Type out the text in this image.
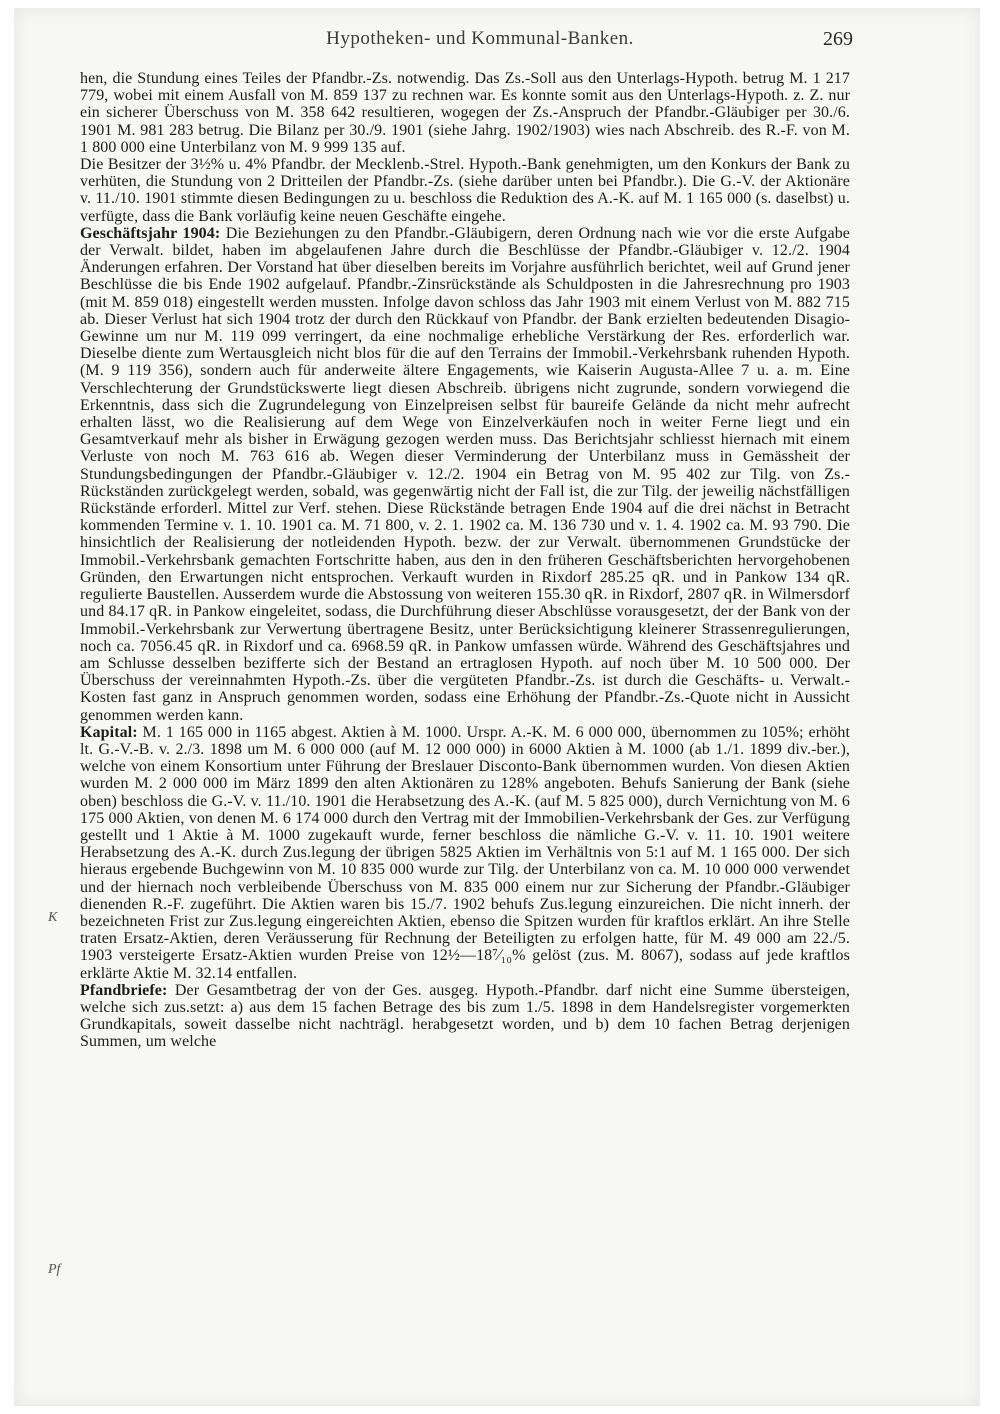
Hypotheken- und Kommunal-Banken.	269
K
Pf

hen, die Stundung eines Teiles der Pfandbr.-Zs. notwendig. Das Zs.-Soll aus den Unterlags-Hypoth. betrug M. 1 217 779, wobei mit einem Ausfall von M. 859 137 zu rechnen war. Es konnte somit aus den Unterlags-Hypoth. z. Z. nur ein sicherer Überschuss von M. 358 642 resultieren, wogegen der Zs.-Anspruch der Pfandbr.-Gläubiger per 30./6. 1901 M. 981 283 betrug. Die Bilanz per 30./9. 1901 (siehe Jahrg. 1902/1903) wies nach Abschreib. des R.-F. von M. 1 800 000 eine Unterbilanz von M. 9 999 135 auf.

Die Besitzer der 3½% u. 4% Pfandbr. der Mecklenb.-Strel. Hypoth.-Bank genehmigten, um den Konkurs der Bank zu verhüten, die Stundung von 2 Dritteilen der Pfandbr.-Zs. (siehe darüber unten bei Pfandbr.). Die G.-V. der Aktionäre v. 11./10. 1901 stimmte diesen Bedingungen zu u. beschloss die Reduktion des A.-K. auf M. 1 165 000 (s. daselbst) u. verfügte, dass die Bank vorläufig keine neuen Geschäfte eingehe.

Geschäftsjahr 1904: Die Beziehungen zu den Pfandbr.-Gläubigern, deren Ordnung nach wie vor die erste Aufgabe der Verwalt. bildet, haben im abgelaufenen Jahre durch die Beschlüsse der Pfandbr.-Gläubiger v. 12./2. 1904 Änderungen erfahren. Der Vorstand hat über dieselben bereits im Vorjahre ausführlich berichtet, weil auf Grund jener Beschlüsse die bis Ende 1902 aufgelauf. Pfandbr.-Zinsrückstände als Schuldposten in die Jahresrechnung pro 1903 (mit M. 859 018) eingestellt werden mussten. Infolge davon schloss das Jahr 1903 mit einem Verlust von M. 882 715 ab. Dieser Verlust hat sich 1904 trotz der durch den Rückkauf von Pfandbr. der Bank erzielten bedeutenden Disagio-Gewinne um nur M. 119 099 verringert, da eine nochmalige erhebliche Verstärkung der Res. erforderlich war. Dieselbe diente zum Wertausgleich nicht blos für die auf den Terrains der Immobil.-Verkehrsbank ruhenden Hypoth. (M. 9 119 356), sondern auch für anderweite ältere Engagements, wie Kaiserin Augusta-Allee 7 u. a. m. Eine Verschlechterung der Grundstückswerte liegt diesen Abschreib. übrigens nicht zugrunde, sondern vorwiegend die Erkenntnis, dass sich die Zugrundelegung von Einzelpreisen selbst für baureife Gelände da nicht mehr aufrecht erhalten lässt, wo die Realisierung auf dem Wege von Einzelverkäufen noch in weiter Ferne liegt und ein Gesamtverkauf mehr als bisher in Erwägung gezogen werden muss. Das Berichtsjahr schliesst hiernach mit einem Verluste von noch M. 763 616 ab. Wegen dieser Verminderung der Unterbilanz muss in Gemässheit der Stundungsbedingungen der Pfandbr.-Gläubiger v. 12./2. 1904 ein Betrag von M. 95 402 zur Tilg. von Zs.-Rückständen zurückgelegt werden, sobald, was gegenwärtig nicht der Fall ist, die zur Tilg. der jeweilig nächstfälligen Rückstände erforderl. Mittel zur Verf. stehen. Diese Rückstände betragen Ende 1904 auf die drei nächst in Betracht kommenden Termine v. 1. 10. 1901 ca. M. 71 800, v. 2. 1. 1902 ca. M. 136 730 und v. 1. 4. 1902 ca. M. 93 790. Die hinsichtlich der Realisierung der notleidenden Hypoth. bezw. der zur Verwalt. übernommenen Grundstücke der Immobil.-Verkehrsbank gemachten Fortschritte haben, aus den in den früheren Geschäftsberichten hervorgehobenen Gründen, den Erwartungen nicht entsprochen. Verkauft wurden in Rixdorf 285.25 qR. und in Pankow 134 qR. regulierte Baustellen. Ausserdem wurde die Abstossung von weiteren 155.30 qR. in Rixdorf, 2807 qR. in Wilmersdorf und 84.17 qR. in Pankow eingeleitet, sodass, die Durchführung dieser Abschlüsse vorausgesetzt, der der Bank von der Immobil.-Verkehrsbank zur Verwertung übertragene Besitz, unter Berücksichtigung kleinerer Strassenregulierungen, noch ca. 7056.45 qR. in Rixdorf und ca. 6968.59 qR. in Pankow umfassen würde. Während des Geschäftsjahres und am Schlusse desselben bezifferte sich der Bestand an ertraglosen Hypoth. auf noch über M. 10 500 000. Der Überschuss der vereinnahmten Hypoth.-Zs. über die vergüteten Pfandbr.-Zs. ist durch die Geschäfts- u. Verwalt.-Kosten fast ganz in Anspruch genommen worden, sodass eine Erhöhung der Pfandbr.-Zs.-Quote nicht in Aussicht genommen werden kann.

Kapital: M. 1 165 000 in 1165 abgest. Aktien à M. 1000. Urspr. A.-K. M. 6 000 000, übernommen zu 105%; erhöht lt. G.-V.-B. v. 2./3. 1898 um M. 6 000 000 (auf M. 12 000 000) in 6000 Aktien à M. 1000 (ab 1./1. 1899 div.-ber.), welche von einem Konsortium unter Führung der Breslauer Disconto-Bank übernommen wurden. Von diesen Aktien wurden M. 2 000 000 im März 1899 den alten Aktionären zu 128% angeboten. Behufs Sanierung der Bank (siehe oben) beschloss die G.-V. v. 11./10. 1901 die Herabsetzung des A.-K. (auf M. 5 825 000), durch Vernichtung von M. 6 175 000 Aktien, von denen M. 6 174 000 durch den Vertrag mit der Immobilien-Verkehrsbank der Ges. zur Verfügung gestellt und 1 Aktie à M. 1000 zugekauft wurde, ferner beschloss die nämliche G.-V. v. 11. 10. 1901 weitere Herabsetzung des A.-K. durch Zus.legung der übrigen 5825 Aktien im Verhältnis von 5:1 auf M. 1 165 000. Der sich hieraus ergebende Buchgewinn von M. 10 835 000 wurde zur Tilg. der Unterbilanz von ca. M. 10 000 000 verwendet und der hiernach noch verbleibende Überschuss von M. 835 000 einem nur zur Sicherung der Pfandbr.-Gläubiger dienenden R.-F. zugeführt. Die Aktien waren bis 15./7. 1902 behufs Zus.legung einzureichen. Die nicht innerh. der bezeichneten Frist zur Zus.legung eingereichten Aktien, ebenso die Spitzen wurden für kraftlos erklärt. An ihre Stelle traten Ersatz-Aktien, deren Veräusserung für Rechnung der Beteiligten zu erfolgen hatte, für M. 49 000 am 22./5. 1903 versteigerte Ersatz-Aktien wurden Preise von 12½—18⁷⁄₁₀% gelöst (zus. M. 8067), sodass auf jede kraftlos erklärte Aktie M. 32.14 entfallen.

Pfandbriefe: Der Gesamtbetrag der von der Ges. ausgeg. Hypoth.-Pfandbr. darf nicht eine Summe übersteigen, welche sich zus.setzt: a) aus dem 15 fachen Betrage des bis zum 1./5. 1898 in dem Handelsregister vorgemerkten Grundkapitals, soweit dasselbe nicht nachträgl. herabgesetzt worden, und b) dem 10 fachen Betrag derjenigen Summen, um welche
